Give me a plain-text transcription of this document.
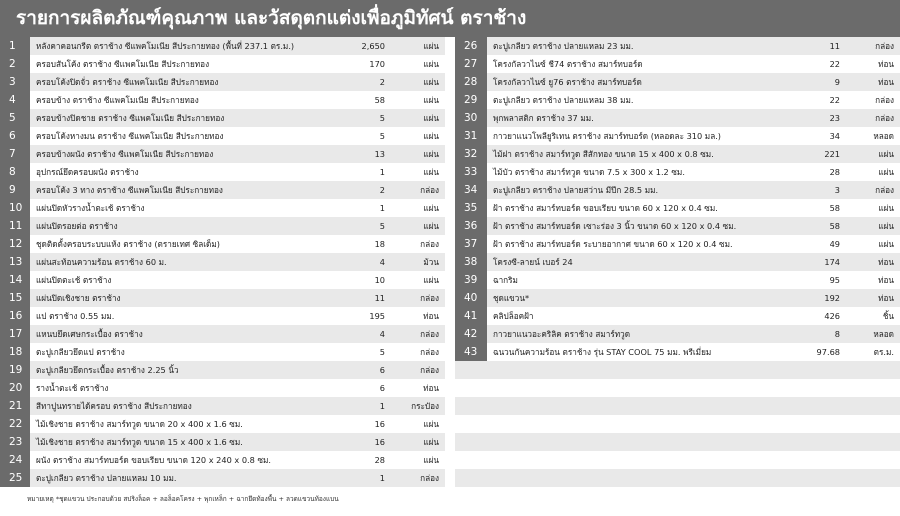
รายการผลิตภัณฑ์คุณภาพ และวัสดุตกแต่งเพื่อภูมิทัศน์ ตราช้าง
1	หลังคาคอนกรีต ตราช้าง ซีแพคโมเนีย สีประกายทอง (พื้นที่ 237.1 ตร.ม.)	2,650	แผ่น
2	ครอบสันโค้ง ตราช้าง ซีแพคโมเนีย สีประกายทอง	170	แผ่น
3	ครอบโค้งปิดจั่ว ตราช้าง ซีแพคโมเนีย สีประกายทอง	2	แผ่น
4	ครอบข้าง ตราช้าง ซีแพคโมเนีย สีประกายทอง	58	แผ่น
5	ครอบข้างปิดชาย ตราช้าง ซีแพคโมเนีย สีประกายทอง	5	แผ่น
6	ครอบโค้งหางมน ตราช้าง ซีแพคโมเนีย สีประกายทอง	5	แผ่น
7	ครอบข้างผนัง ตราช้าง ซีแพคโมเนีย สีประกายทอง	13	แผ่น
8	อุปกรณ์ยึดครอบผนัง ตราช้าง	1	แผ่น
9	ครอบโค้ง 3 ทาง ตราช้าง ซีแพคโมเนีย สีประกายทอง	2	กล่อง
10	แผ่นปิดหัวรางน้ำตะเช้ ตราช้าง	1	แผ่น
11	แผ่นปิดรอยต่อ ตราช้าง	5	แผ่น
12	ชุดติดตั้งครอบระบบแห้ง ตราช้าง (ตรายเทศ ซิลเด็ม)	18	กล่อง
13	แผ่นสะท้อนความร้อน ตราช้าง 60 ม.	4	ม้วน
14	แผ่นปิดตะเช้ ตราช้าง	10	แผ่น
15	แผ่นปิดเชิงชาย ตราช้าง	11	กล่อง
16	แป ตราช้าง 0.55 มม.	195	ท่อน
17	แหนบยึดเศษกระเบื้อง ตราช้าง	4	กล่อง
18	ตะปูเกลียวยึดแป ตราช้าง	5	กล่อง
19	ตะปูเกลียวยึดกระเบื้อง ตราช้าง 2.25 นิ้ว	6	กล่อง
20	รางน้ำตะเช้ ตราช้าง	6	ท่อน
21	สีทาปูนทรายได้ครอบ ตราช้าง สีประกายทอง	1	กระป๋อง
22	ไม้เชิงชาย ตราช้าง สมาร์ทวูด ขนาด 20 x 400 x 1.6 ซม.	16	แผ่น
23	ไม้เชิงชาย ตราช้าง สมาร์ทวูด ขนาด 15 x 400 x 1.6 ซม.	16	แผ่น
24	ผนัง ตราช้าง สมาร์ทบอร์ด ขอบเรียบ ขนาด 120 x 240 x 0.8 ซม.	28	แผ่น
25	ตะปูเกลียว ตราช้าง ปลายแหลม 10 มม.	1	กล่อง
26	ตะปูเกลียว ตราช้าง ปลายแหลม 23 มม.	11	กล่อง
27	โครงกัลวาไนซ์ ชี74 ตราช้าง สมาร์ทบอร์ด	22	ท่อน
28	โครงกัลวาไนซ์ ยู76 ตราช้าง สมาร์ทบอร์ด	9	ท่อน
29	ตะปูเกลียว ตราช้าง ปลายแหลม 38 มม.	22	กล่อง
30	พุกพลาสติก ตราช้าง 37 มม.	23	กล่อง
31	กาวยาแนวโพลียูริเทน ตราช้าง สมาร์ทบอร์ด (หลอดละ 310 มล.)	34	หลอด
32	ไม้ฝา ตราช้าง สมาร์ทวูด สีสักทอง ขนาด 15 x 400 x 0.8 ซม.	221	แผ่น
33	ไม้บัว ตราช้าง สมาร์ทวูด ขนาด 7.5 x 300 x 1.2 ซม.	28	แผ่น
34	ตะปูเกลียว ตราช้าง ปลายสว่าน มีปีก 28.5 มม.	3	กล่อง
35	ฝ้า ตราช้าง สมาร์ทบอร์ด ขอบเรียบ ขนาด 60 x 120 x 0.4 ซม.	58	แผ่น
36	ฝ้า ตราช้าง สมาร์ทบอร์ด เซาะร่อง 3 นิ้ว ขนาด 60 x 120 x 0.4 ซม.	58	แผ่น
37	ฝ้า ตราช้าง สมาร์ทบอร์ด ระบายอากาศ ขนาด 60 x 120 x 0.4 ซม.	49	แผ่น
38	โครงซี-ลายน์ เบอร์ 24	174	ท่อน
39	ฉากริม	95	ท่อน
40	ชุดแขวน*	192	ท่อน
41	คลิปล็อคฝ้า	426	ชิ้น
42	กาวยาแนวอะคริลิค ตราช้าง สมาร์ทวูด	8	หลอด
43	ฉนวนกันความร้อน ตราช้าง รุ่น STAY COOL 75 มม. พรีเมี่ยม	97.68	ตร.ม.
หมายเหตุ *ชุดแขวน ประกอบด้วย สปริงล็อค + ลอล็อคโครง + พุกเหล็ก + ฉากยึดท้องพื้น + ลวดแขวนท้องแบน
